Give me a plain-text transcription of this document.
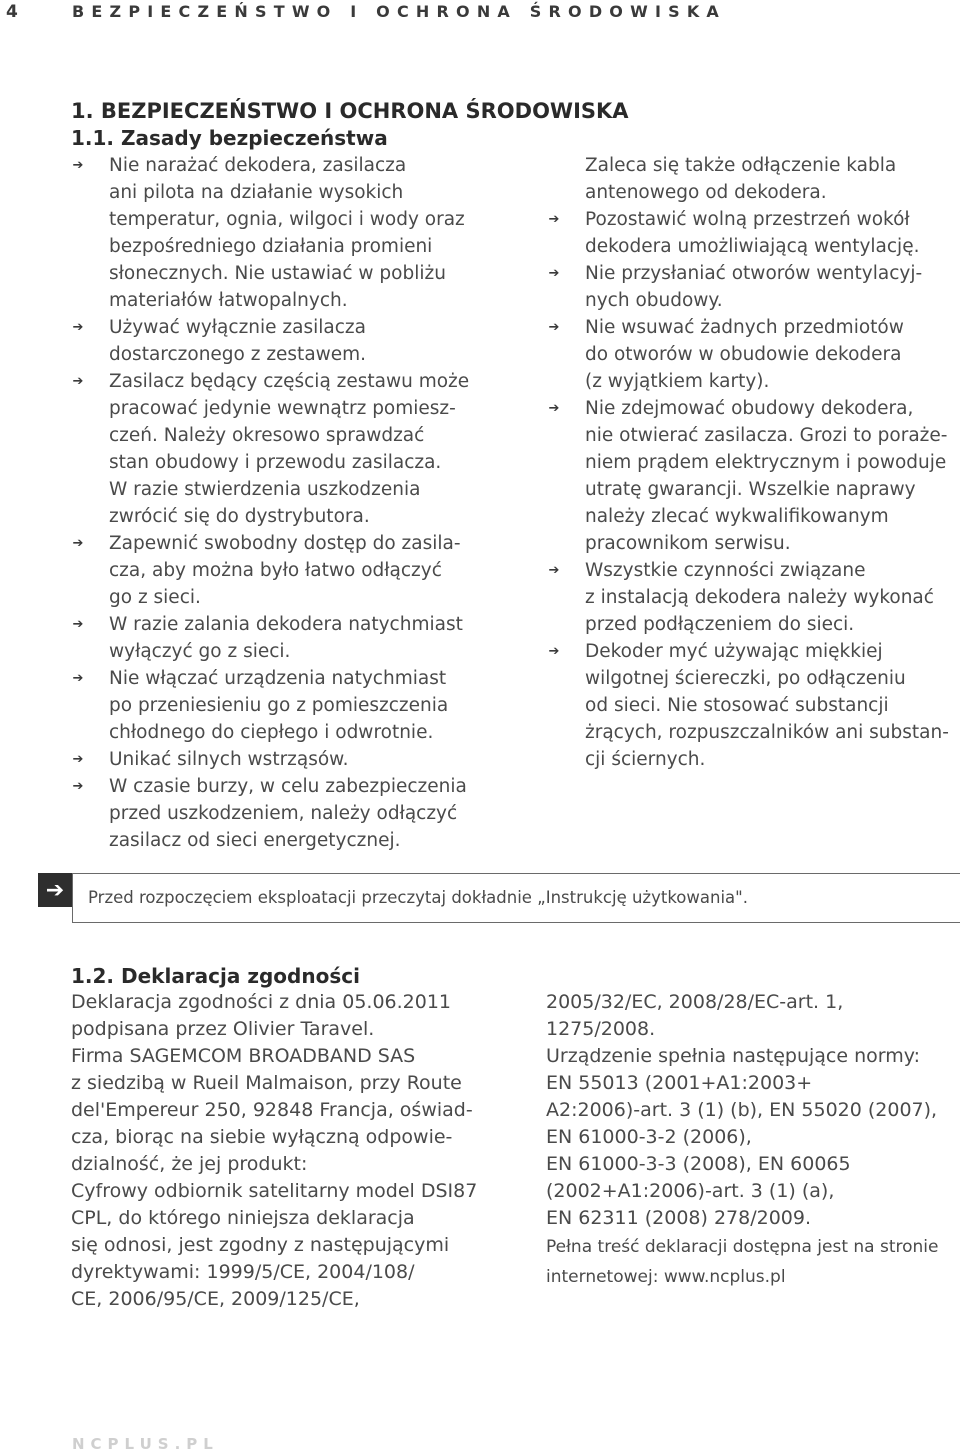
4	BEZPIECZEŃSTWO I OCHRONA ŚRODOWISKA
1. BEZPIECZEŃSTWO I OCHRONA ŚRODOWISKA
1.1. Zasady bezpieczeństwa
➔ Nie narażać dekodera, zasilacza
ani pilota na działanie wysokich
temperatur, ognia, wilgoci i wody oraz
bezpośredniego działania promieni
słonecznych. Nie ustawiać w pobliżu
materiałów łatwopalnych.
➔ Używać wyłącznie zasilacza
dostarczonego z zestawem.
➔ Zasilacz będący częścią zestawu może
pracować jedynie wewnątrz pomiesz-
czeń. Należy okresowo sprawdzać
stan obudowy i przewodu zasilacza.
W razie stwierdzenia uszkodzenia
zwrócić się do dystrybutora.
➔ Zapewnić swobodny dostęp do zasila-
cza, aby można było łatwo odłączyć
go z sieci.
➔ W razie zalania dekodera natychmiast
wyłączyć go z sieci.
➔ Nie włączać urządzenia natychmiast
po przeniesieniu go z pomieszczenia
chłodnego do ciepłego i odwrotnie.
➔ Unikać silnych wstrząsów.
➔ W czasie burzy, w celu zabezpieczenia
przed uszkodzeniem, należy odłączyć
zasilacz od sieci energetycznej.
Zaleca się także odłączenie kabla
antenowego od dekodera.
➔ Pozostawić wolną przestrzeń wokół
dekodera umożliwiającą wentylację.
➔ Nie przysłaniać otworów wentylacyj-
nych obudowy.
➔ Nie wsuwać żadnych przedmiotów
do otworów w obudowie dekodera
(z wyjątkiem karty).
➔ Nie zdejmować obudowy dekodera,
nie otwierać zasilacza. Grozi to poraże-
niem prądem elektrycznym i powoduje
utratę gwarancji. Wszelkie naprawy
należy zlecać wykwalifikowanym
pracownikom serwisu.
➔ Wszystkie czynności związane
z instalacją dekodera należy wykonać
przed podłączeniem do sieci.
➔ Dekoder myć używając miękkiej
wilgotnej ściereczki, po odłączeniu
od sieci. Nie stosować substancji
żrących, rozpuszczalników ani substan-
cji ściernych.
➔	Przed rozpoczęciem eksploatacji przeczytaj dokładnie „Instrukcję użytkowania".
1.2. Deklaracja zgodności
Deklaracja zgodności z dnia 05.06.2011
podpisana przez Olivier Taravel.
Firma SAGEMCOM BROADBAND SAS
z siedzibą w Rueil Malmaison, przy Route
del'Empereur 250, 92848 Francja, oświad-
cza, biorąc na siebie wyłączną odpowie-
dzialność, że jej produkt:
Cyfrowy odbiornik satelitarny model DSI87
CPL, do którego niniejsza deklaracja
się odnosi, jest zgodny z następującymi
dyrektywami: 1999/5/CE, 2004/108/
CE, 2006/95/CE, 2009/125/CE,
2005/32/EC, 2008/28/EC-art. 1,
1275/2008.
Urządzenie spełnia następujące normy:
EN 55013 (2001+A1:2003+
A2:2006)-art. 3 (1) (b), EN 55020 (2007),
EN 61000-3-2 (2006),
EN 61000-3-3 (2008), EN 60065
(2002+A1:2006)-art. 3 (1) (a),
EN 62311 (2008) 278/2009.
Pełna treść deklaracji dostępna jest na stronie
internetowej: www.ncplus.pl
NCPLUS.PL
